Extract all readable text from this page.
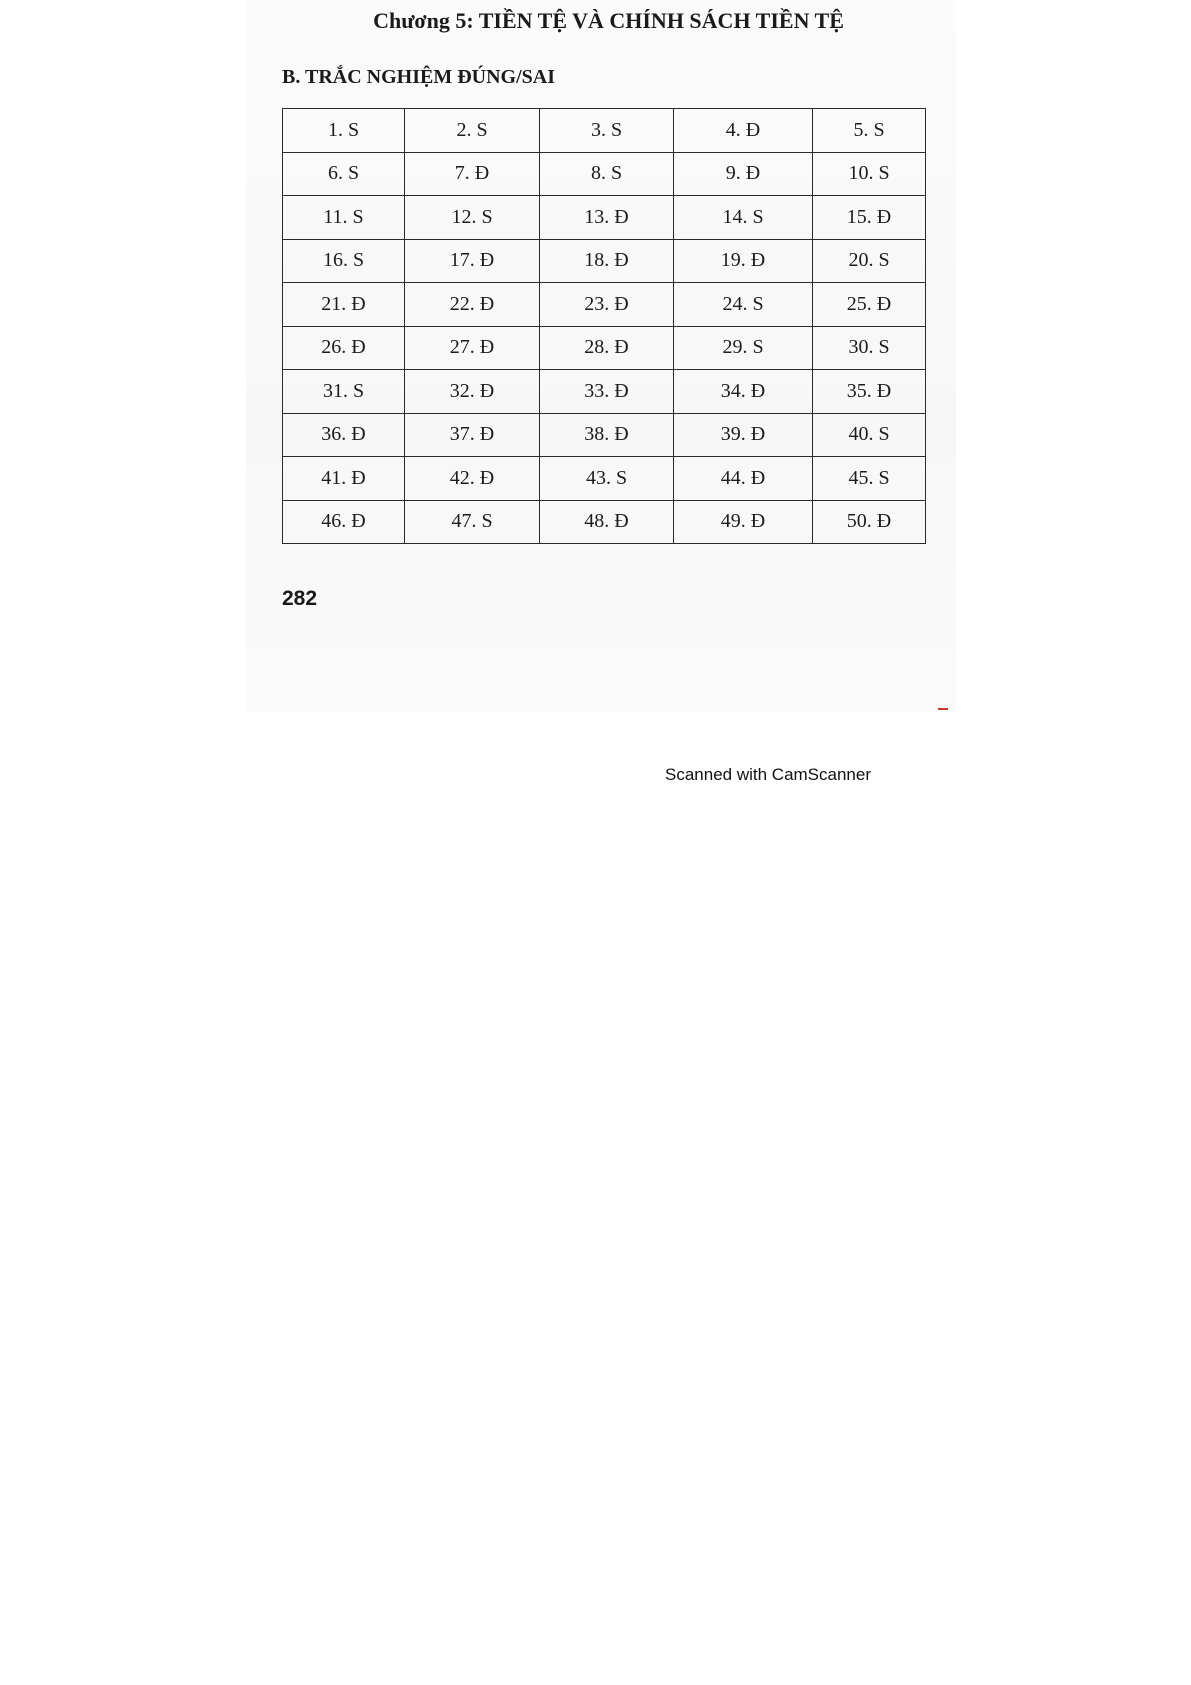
Chương 5: TIỀN TỆ VÀ CHÍNH SÁCH TIỀN TỆ
B. TRẮC NGHIỆM ĐÚNG/SAI
1. S	2. S	3. S	4. Đ	5. S
6. S	7. Đ	8. S	9. Đ	10. S
11. S	12. S	13. Đ	14. S	15. Đ
16. S	17. Đ	18. Đ	19. Đ	20. S
21. Đ	22. Đ	23. Đ	24. S	25. Đ
26. Đ	27. Đ	28. Đ	29. S	30. S
31. S	32. Đ	33. Đ	34. Đ	35. Đ
36. Đ	37. Đ	38. Đ	39. Đ	40. S
41. Đ	42. Đ	43. S	44. Đ	45. S
46. Đ	47. S	48. Đ	49. Đ	50. Đ
282
Scanned with CamScanner
